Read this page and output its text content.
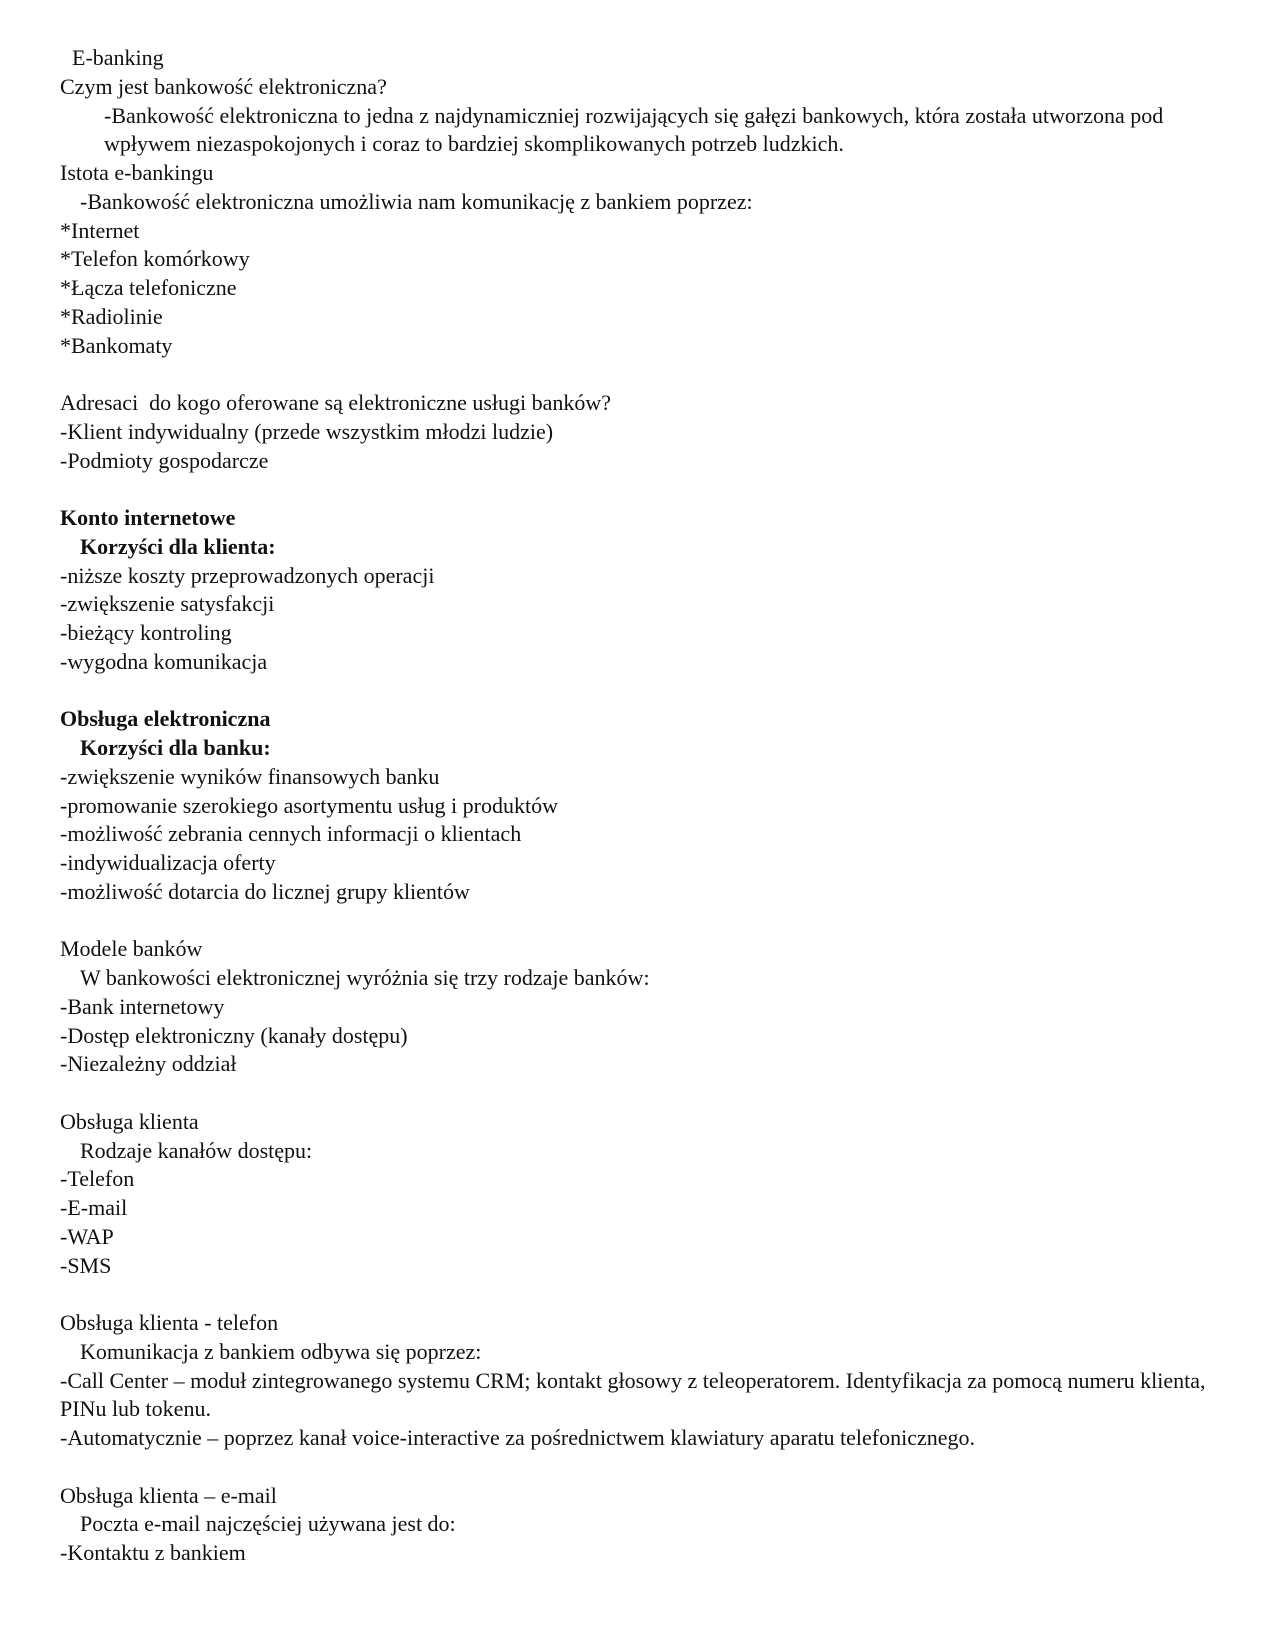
E-banking
Czym jest bankowość elektroniczna?
-Bankowość elektroniczna to jedna z najdynamiczniej rozwijających się gałęzi bankowych, która została utworzona pod wpływem niezaspokojonych i coraz to bardziej skomplikowanych potrzeb ludzkich.
Istota e-bankingu
-Bankowość elektroniczna umożliwia nam komunikację z bankiem poprzez:
*Internet
*Telefon komórkowy
*Łącza telefoniczne
*Radiolinie
*Bankomaty
Adresaci  do kogo oferowane są elektroniczne usługi banków?
-Klient indywidualny (przede wszystkim młodzi ludzie)
-Podmioty gospodarcze
Konto internetowe
Korzyści dla klienta:
-niższe koszty przeprowadzonych operacji
-zwiększenie satysfakcji
-bieżący kontroling
-wygodna komunikacja
Obsługa elektroniczna
Korzyści dla banku:
-zwiększenie wyników finansowych banku
-promowanie szerokiego asortymentu usług i produktów
-możliwość zebrania cennych informacji o klientach
-indywidualizacja oferty
-możliwość dotarcia do licznej grupy klientów
Modele banków
W bankowości elektronicznej wyróżnia się trzy rodzaje banków:
-Bank internetowy
-Dostęp elektroniczny (kanały dostępu)
-Niezależny oddział
Obsługa klienta
Rodzaje kanałów dostępu:
-Telefon
-E-mail
-WAP
-SMS
Obsługa klienta - telefon
Komunikacja z bankiem odbywa się poprzez:
-Call Center – moduł zintegrowanego systemu CRM; kontakt głosowy z teleoperatorem. Identyfikacja za pomocą numeru klienta, PINu lub tokenu.
-Automatycznie – poprzez kanał voice-interactive za pośrednictwem klawiatury aparatu telefonicznego.
Obsługa klienta – e-mail
Poczta e-mail najczęściej używana jest do:
-Kontaktu z bankiem
